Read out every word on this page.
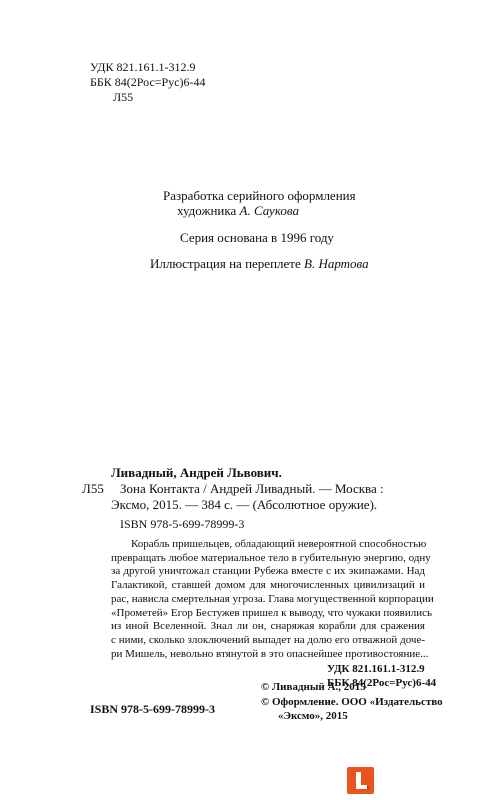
УДК 821.161.1-312.9
ББК 84(2Рос=Рус)6-44
Л55
Разработка серийного оформления
художника А. Саукова
Серия основана в 1996 году
Иллюстрация на переплете В. Нартова
Ливадный, Андрей Львович.
Л55 Зона Контакта / Андрей Ливадный. — Москва :
Эксмо, 2015. — 384 с. — (Абсолютное оружие).
ISBN 978-5-699-78999-3
Корабль пришельцев, обладающий невероятной способностью
превращать любое материальное тело в губительную энергию, одну
за другой уничтожал станции Рубежа вместе с их экипажами. Над
Галактикой, ставшей домом для многочисленных цивилизаций и
рас, нависла смертельная угроза. Глава могущественной корпорации
«Прометей» Егор Бестужев пришел к выводу, что чужаки появились
из иной Вселенной. Знал ли он, снаряжая корабли для сражения
с ними, сколько злоключений выпадет на долю его отважной доче-
ри Мишель, невольно втянутой в это опаснейшее противостояние...
УДК 821.161.1-312.9
ББК 84(2Рос=Рус)6-44
ISBN 978-5-699-78999-3
© Ливадный А., 2015
© Оформление. ООО «Издательство
«Эксмо», 2015
